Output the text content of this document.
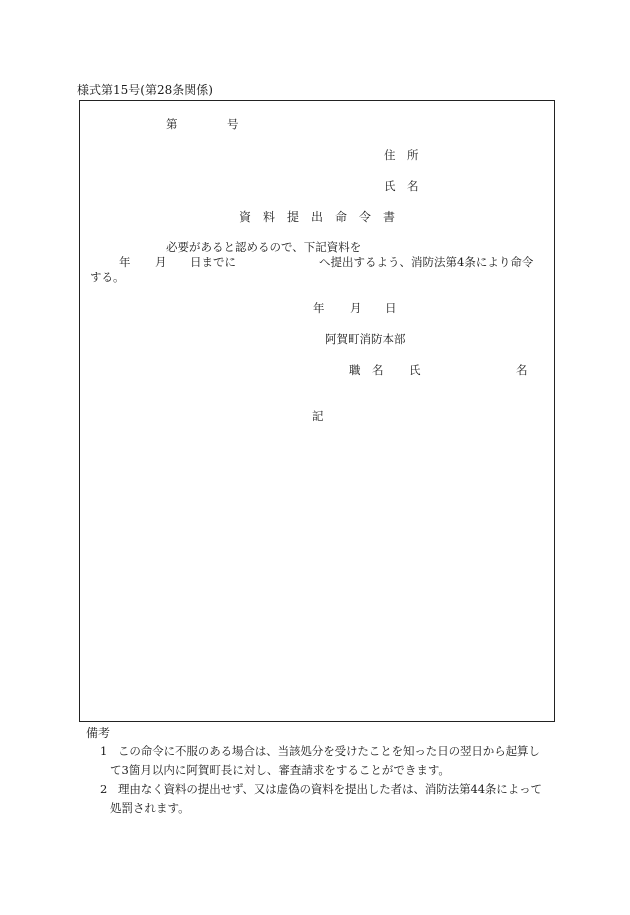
様式第15号(第28条関係)
第	号
住　所
氏　名
資　料　提　出　命　令　書
必要があると認めるので、下記資料を
年 月 日までに	へ提出するよう、消防法第4条により命令
する。
年 月 日
阿賀町消防本部
職　名 氏	名
記
備考
1 この命令に不服のある場合は、当該処分を受けたことを知った日の翌日から起算し
て3箇月以内に阿賀町長に対し、審査請求をすることができます。
2 理由なく資料の提出せず、又は虚偽の資料を提出した者は、消防法第44条によって
処罰されます。
